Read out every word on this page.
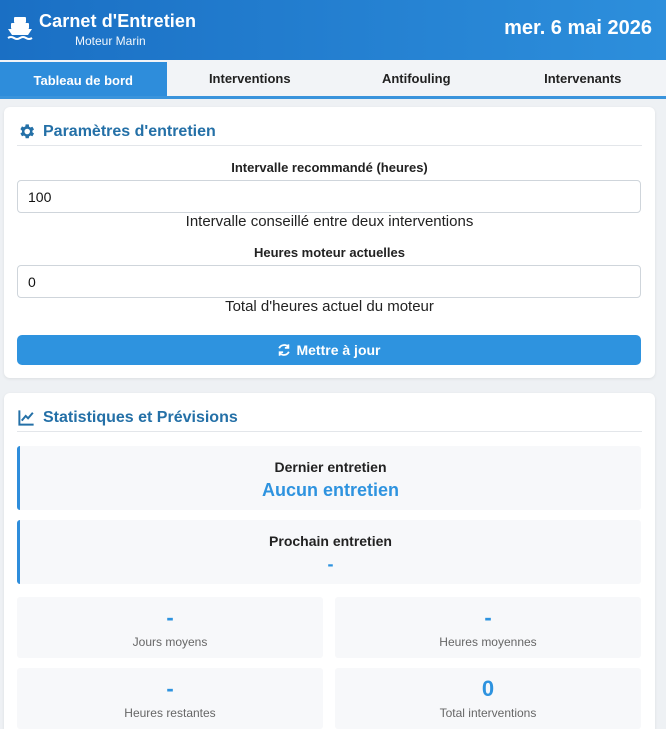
Carnet d'Entretien
Moteur Marin
mer. 6 mai 2026
Tableau de bord	Interventions	Antifouling	Intervenants
Paramètres d'entretien
Intervalle recommandé (heures)
100
Intervalle conseillé entre deux interventions
Heures moteur actuelles
0
Total d'heures actuel du moteur
Mettre à jour
Statistiques et Prévisions
Dernier entretien
Aucun entretien
Prochain entretien
-
-
Jours moyens
-
Heures moyennes
-
Heures restantes
0
Total interventions
